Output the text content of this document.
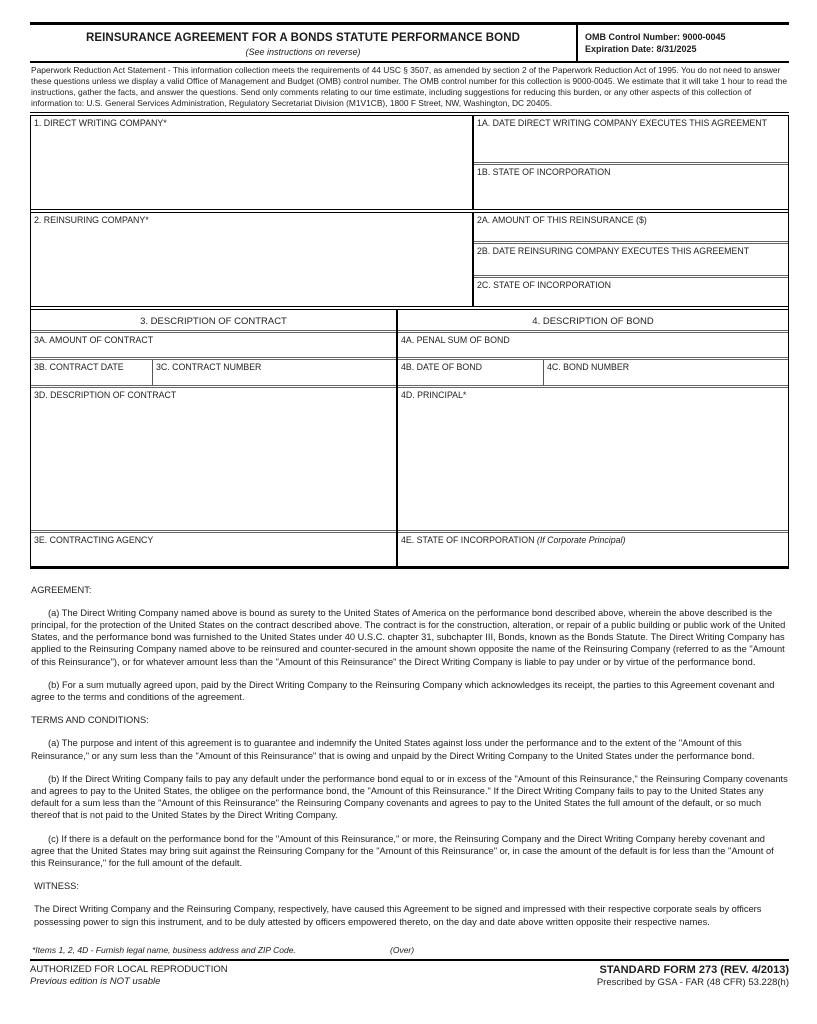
REINSURANCE AGREEMENT FOR A BONDS STATUTE PERFORMANCE BOND
(See instructions on reverse)
OMB Control Number: 9000-0045
Expiration Date: 8/31/2025
Paperwork Reduction Act Statement - This information collection meets the requirements of 44 USC § 3507, as amended by section 2 of the Paperwork Reduction Act of 1995. You do not need to answer these questions unless we display a valid Office of Management and Budget (OMB) control number. The OMB control number for this collection is 9000-0045. We estimate that it will take 1 hour to read the instructions, gather the facts, and answer the questions. Send only comments relating to our time estimate, including suggestions for reducing this burden, or any other aspects of this collection of information to: U.S. General Services Administration, Regulatory Secretariat Division (M1V1CB), 1800 F Street, NW, Washington, DC 20405.
1. DIRECT WRITING COMPANY*	1A. DATE DIRECT WRITING COMPANY EXECUTES THIS AGREEMENT
1B. STATE OF INCORPORATION
2. REINSURING COMPANY*	2A. AMOUNT OF THIS REINSURANCE ($)
2B. DATE REINSURING COMPANY EXECUTES THIS AGREEMENT
2C. STATE OF INCORPORATION
3. DESCRIPTION OF CONTRACT
3A. AMOUNT OF CONTRACT
3B. CONTRACT DATE	3C. CONTRACT NUMBER
3D. DESCRIPTION OF CONTRACT
3E. CONTRACTING AGENCY
4. DESCRIPTION OF BOND
4A. PENAL SUM OF BOND
4B. DATE OF BOND	4C. BOND NUMBER
4D. PRINCIPAL*
4E. STATE OF INCORPORATION (If Corporate Principal)

AGREEMENT:

(a) The Direct Writing Company named above is bound as surety to the United States of America on the performance bond described above, wherein the above described is the principal, for the protection of the United States on the contract described above. The contract is for the construction, alteration, or repair of a public building or public work of the United States, and the performance bond was furnished to the United States under 40 U.S.C. chapter 31, subchapter III, Bonds, known as the Bonds Statute. The Direct Writing Company has applied to the Reinsuring Company named above to be reinsured and counter-secured in the amount shown opposite the name of the Reinsuring Company (referred to as the "Amount of this Reinsurance"), or for whatever amount less than the "Amount of this Reinsurance" the Direct Writing Company is liable to pay under or by virtue of the performance bond.

(b) For a sum mutually agreed upon, paid by the Direct Writing Company to the Reinsuring Company which acknowledges its receipt, the parties to this Agreement covenant and agree to the terms and conditions of the agreement.

TERMS AND CONDITIONS:

(a) The purpose and intent of this agreement is to guarantee and indemnify the United States against loss under the performance and to the extent of the "Amount of this Reinsurance," or any sum less than the "Amount of this Reinsurance" that is owing and unpaid by the Direct Writing Company to the United States under the performance bond.

(b) If the Direct Writing Company fails to pay any default under the performance bond equal to or in excess of the "Amount of this Reinsurance," the Reinsuring Company covenants and agrees to pay to the United States, the obligee on the performance bond, the "Amount of this Reinsurance." If the Direct Writing Company fails to pay to the United States any default for a sum less than the "Amount of this Reinsurance" the Reinsuring Company covenants and agrees to pay to the United States the full amount of the default, or so much thereof that is not paid to the United States by the Direct Writing Company.

(c) If there is a default on the performance bond for the "Amount of this Reinsurance," or more, the Reinsuring Company and the Direct Writing Company hereby covenant and agree that the United States may bring suit against the Reinsuring Company for the "Amount of this Reinsurance" or, in case the amount of the default is for less than the "Amount of this Reinsurance," for the full amount of the default.

WITNESS:

The Direct Writing Company and the Reinsuring Company, respectively, have caused this Agreement to be signed and impressed with their respective corporate seals by officers possessing power to sign this instrument, and to be duly attested by officers empowered thereto, on the day and date above written opposite their respective names.

*Items 1, 2, 4D - Furnish legal name, business address and ZIP Code.	(Over)
AUTHORIZED FOR LOCAL REPRODUCTION
Previous edition is NOT usable
STANDARD FORM 273 (REV. 4/2013)
Prescribed by GSA - FAR (48 CFR) 53.228(h)
